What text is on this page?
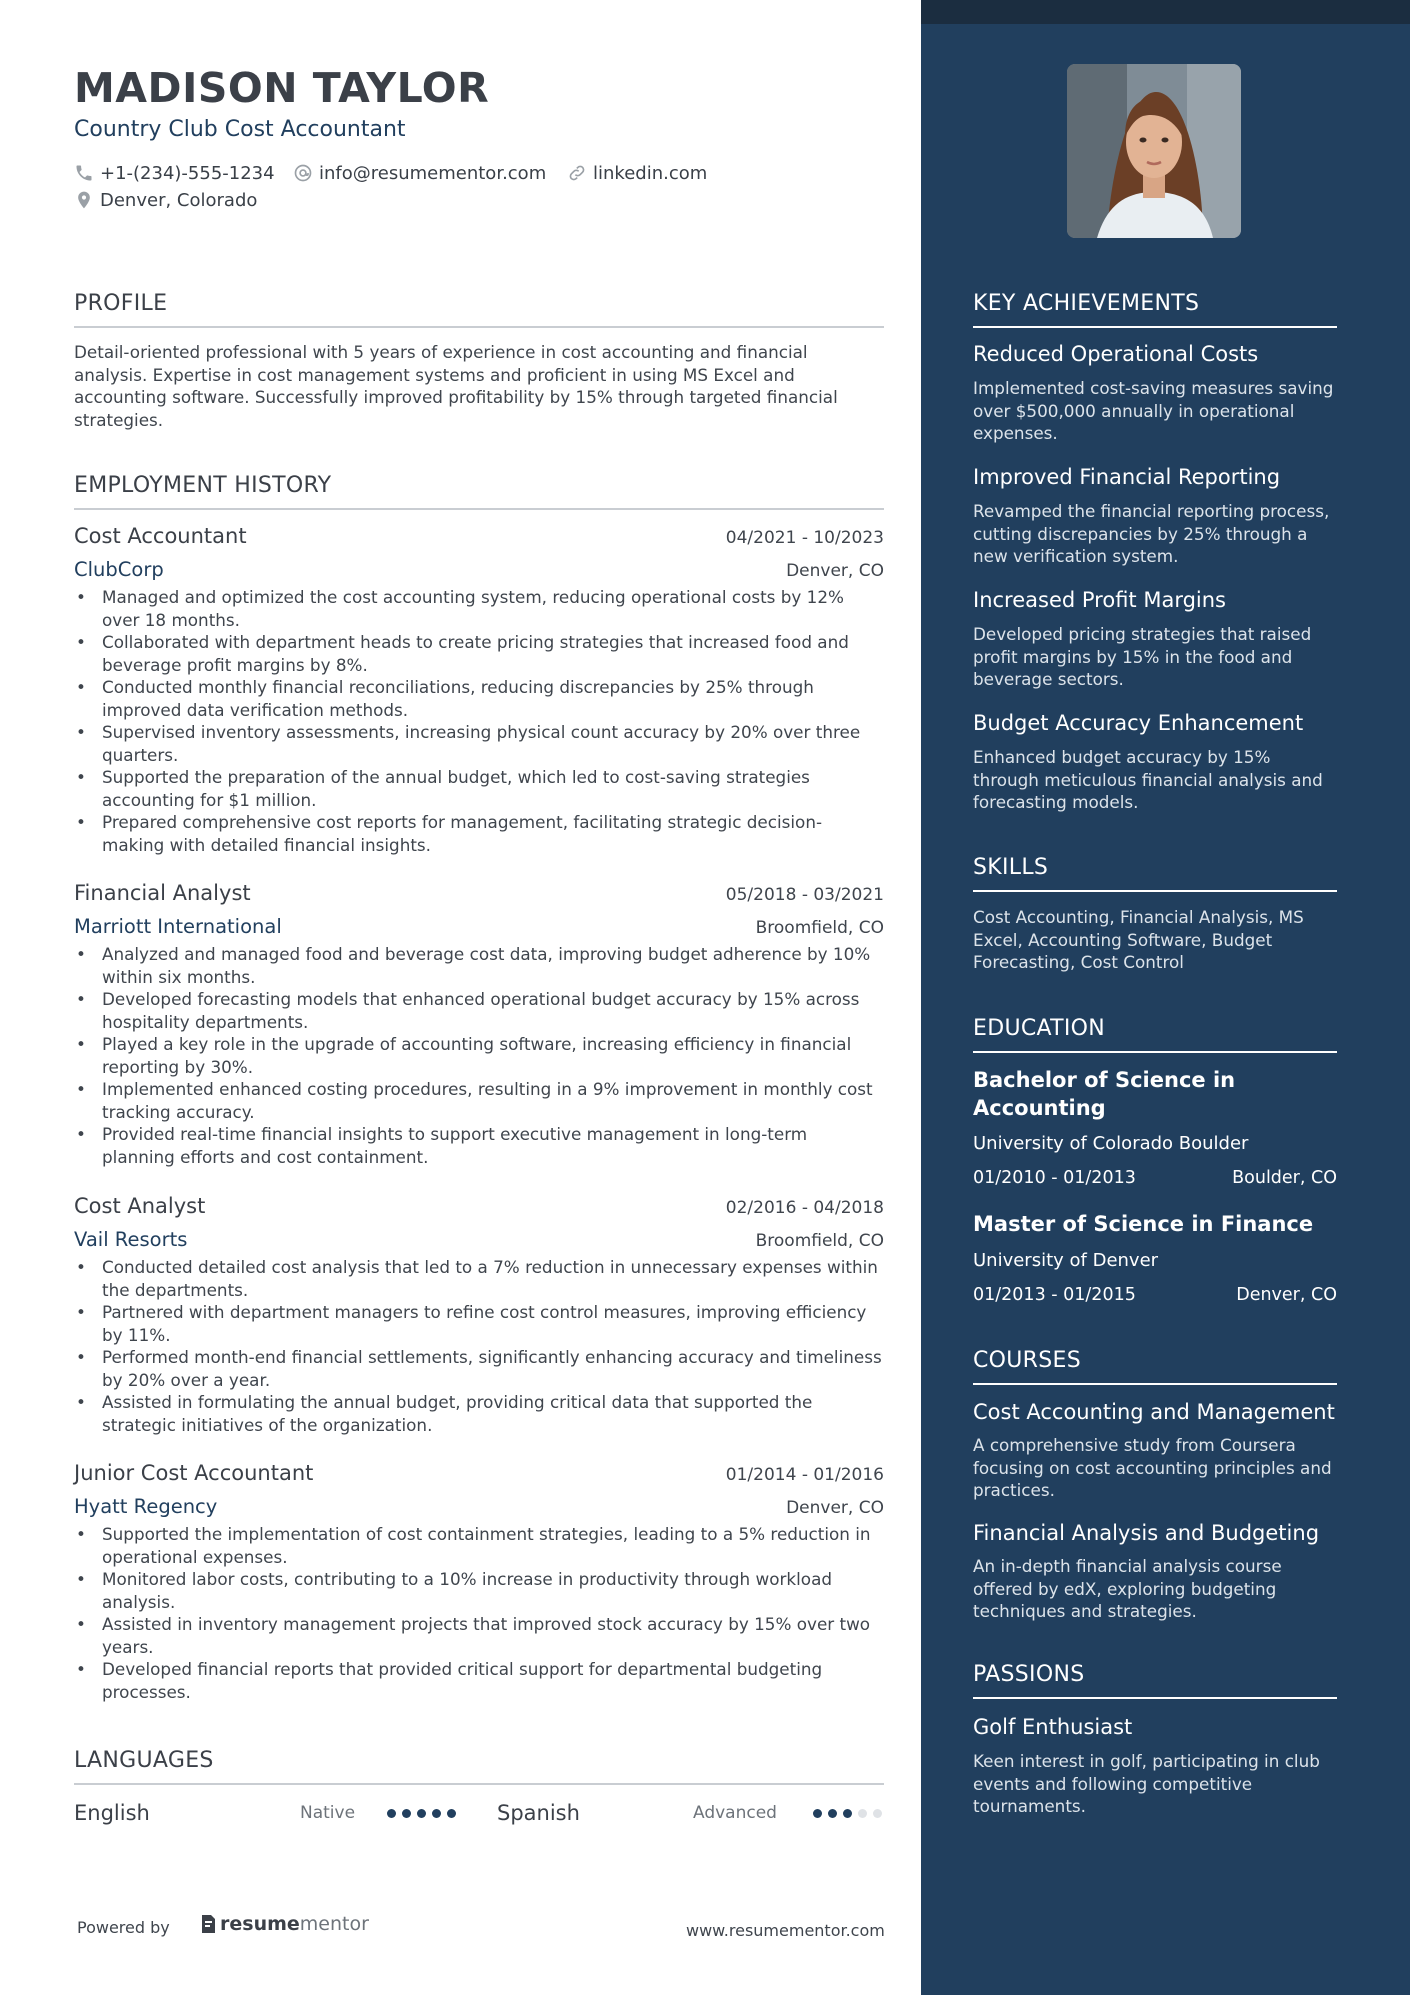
MADISON TAYLOR
Country Club Cost Accountant
+1-(234)-555-1234 info@resumementor.com	linkedin.com
Denver, Colorado
PROFILE
Detail-oriented professional with 5 years of experience in cost accounting and financial analysis. Expertise in cost management systems and proficient in using MS Excel and accounting software. Successfully improved profitability by 15% through targeted financial strategies.
EMPLOYMENT HISTORY
Cost Accountant	04/2021 - 10/2023
ClubCorp	Denver, CO
• Managed and optimized the cost accounting system, reducing operational costs by 12% over 18 months.
• Collaborated with department heads to create pricing strategies that increased food and beverage profit margins by 8%.
• Conducted monthly financial reconciliations, reducing discrepancies by 25% through improved data verification methods.
• Supervised inventory assessments, increasing physical count accuracy by 20% over three quarters.
• Supported the preparation of the annual budget, which led to cost-saving strategies accounting for $1 million.
• Prepared comprehensive cost reports for management, facilitating strategic decision-making with detailed financial insights.
Financial Analyst	05/2018 - 03/2021
Marriott International	Broomfield, CO
• Analyzed and managed food and beverage cost data, improving budget adherence by 10% within six months.
• Developed forecasting models that enhanced operational budget accuracy by 15% across hospitality departments.
• Played a key role in the upgrade of accounting software, increasing efficiency in financial reporting by 30%.
• Implemented enhanced costing procedures, resulting in a 9% improvement in monthly cost tracking accuracy.
• Provided real-time financial insights to support executive management in long-term planning efforts and cost containment.
Cost Analyst	02/2016 - 04/2018
Vail Resorts	Broomfield, CO
• Conducted detailed cost analysis that led to a 7% reduction in unnecessary expenses within the departments.
• Partnered with department managers to refine cost control measures, improving efficiency by 11%.
• Performed month-end financial settlements, significantly enhancing accuracy and timeliness by 20% over a year.
• Assisted in formulating the annual budget, providing critical data that supported the strategic initiatives of the organization.
Junior Cost Accountant	01/2014 - 01/2016
Hyatt Regency	Denver, CO
• Supported the implementation of cost containment strategies, leading to a 5% reduction in operational expenses.
• Monitored labor costs, contributing to a 10% increase in productivity through workload analysis.
• Assisted in inventory management projects that improved stock accuracy by 15% over two years.
• Developed financial reports that provided critical support for departmental budgeting processes.
LANGUAGES
English	Native	Spanish	Advanced
Powered by	resume mentor	www.resumementor.com
KEY ACHIEVEMENTS
Reduced Operational Costs
Implemented cost-saving measures saving over $500,000 annually in operational expenses.
Improved Financial Reporting
Revamped the financial reporting process, cutting discrepancies by 25% through a new verification system.
Increased Profit Margins
Developed pricing strategies that raised profit margins by 15% in the food and beverage sectors.
Budget Accuracy Enhancement
Enhanced budget accuracy by 15% through meticulous financial analysis and forecasting models.
SKILLS
Cost Accounting, Financial Analysis, MS Excel, Accounting Software, Budget Forecasting, Cost Control
EDUCATION
Bachelor of Science in Accounting
University of Colorado Boulder
01/2010 - 01/2013	Boulder, CO
Master of Science in Finance
University of Denver
01/2013 - 01/2015	Denver, CO
COURSES
Cost Accounting and Management
A comprehensive study from Coursera focusing on cost accounting principles and practices.
Financial Analysis and Budgeting
An in-depth financial analysis course offered by edX, exploring budgeting techniques and strategies.
PASSIONS
Golf Enthusiast
Keen interest in golf, participating in club events and following competitive tournaments.
